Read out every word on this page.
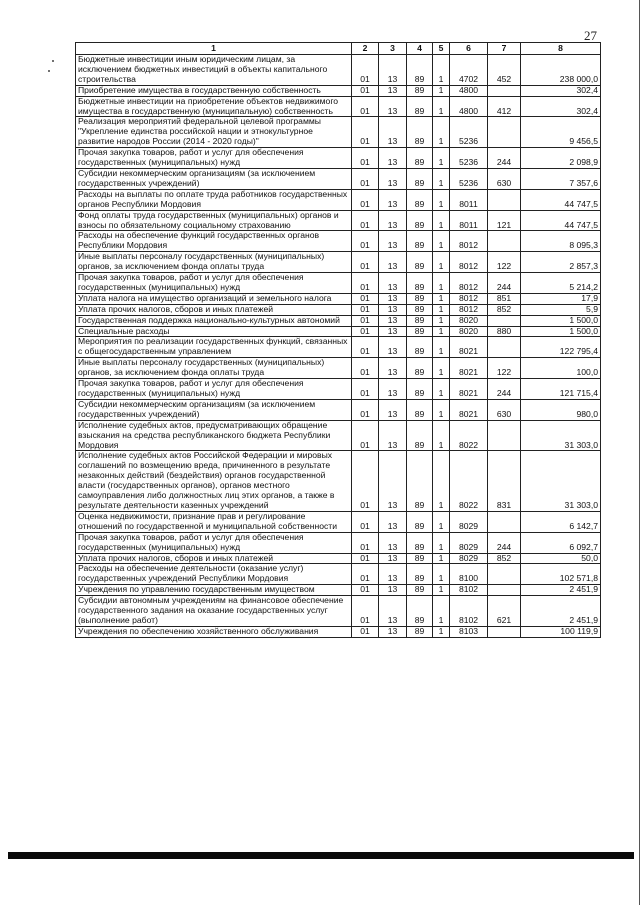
27
1	2	3	4	5	6	7	8
Бюджетные инвестиции иным юридическим лицам, за исключением бюджетных инвестиций в объекты капитального строительства	01	13	89	1	4702	452	238 000,0
Приобретение имущества в государственную собственность	01	13	89	1	4800		302,4
Бюджетные инвестиции на приобретение объектов недвижимого имущества в государственную (муниципальную) собственность	01	13	89	1	4800	412	302,4
Реализация мероприятий федеральной целевой программы "Укрепление единства российской нации и этнокультурное развитие народов России (2014 - 2020 годы)"	01	13	89	1	5236		9 456,5
Прочая закупка товаров, работ и услуг для обеспечения государственных (муниципальных) нужд	01	13	89	1	5236	244	2 098,9
Субсидии некоммерческим организациям (за исключением государственных учреждений)	01	13	89	1	5236	630	7 357,6
Расходы на выплаты по оплате труда работников государственных органов Республики Мордовия	01	13	89	1	8011		44 747,5
Фонд оплаты труда государственных (муниципальных) органов и взносы по обязательному социальному страхованию	01	13	89	1	8011	121	44 747,5
Расходы на обеспечение функций государственных органов Республики Мордовия	01	13	89	1	8012		8 095,3
Иные выплаты персоналу государственных (муниципальных) органов, за исключением фонда оплаты труда	01	13	89	1	8012	122	2 857,3
Прочая закупка товаров, работ и услуг для обеспечения государственных (муниципальных) нужд	01	13	89	1	8012	244	5 214,2
Уплата налога на имущество организаций и земельного налога	01	13	89	1	8012	851	17,9
Уплата прочих налогов, сборов и иных платежей	01	13	89	1	8012	852	5,9
Государственная поддержка национально-культурных автономий	01	13	89	1	8020		1 500,0
Специальные расходы	01	13	89	1	8020	880	1 500,0
Мероприятия по реализации государственных функций, связанных с общегосударственным управлением	01	13	89	1	8021		122 795,4
Иные выплаты персоналу государственных (муниципальных) органов, за исключением фонда оплаты труда	01	13	89	1	8021	122	100,0
Прочая закупка товаров, работ и услуг для обеспечения государственных (муниципальных) нужд	01	13	89	1	8021	244	121 715,4
Субсидии некоммерческим организациям (за исключением государственных учреждений)	01	13	89	1	8021	630	980,0
Исполнение судебных актов, предусматривающих обращение взыскания на средства республиканского бюджета Республики Мордовия	01	13	89	1	8022		31 303,0
Исполнение судебных актов Российской Федерации и мировых соглашений по возмещению вреда, причиненного в результате незаконных действий (бездействия) органов государственной власти (государственных органов), органов местного самоуправления либо должностных лиц этих органов, а также в результате деятельности казенных учреждений	01	13	89	1	8022	831	31 303,0
Оценка недвижимости, признание прав и регулирование отношений по государственной и муниципальной собственности	01	13	89	1	8029		6 142,7
Прочая закупка товаров, работ и услуг для обеспечения государственных (муниципальных) нужд	01	13	89	1	8029	244	6 092,7
Уплата прочих налогов, сборов и иных платежей	01	13	89	1	8029	852	50,0
Расходы на обеспечение деятельности (оказание услуг) государственных учреждений Республики Мордовия	01	13	89	1	8100		102 571,8
Учреждения по управлению государственным имуществом	01	13	89	1	8102		2 451,9
Субсидии автономным учреждениям на финансовое обеспечение государственного задания на оказание государственных услуг (выполнение работ)	01	13	89	1	8102	621	2 451,9
Учреждения по обеспечению хозяйственного обслуживания	01	13	89	1	8103		100 119,9
